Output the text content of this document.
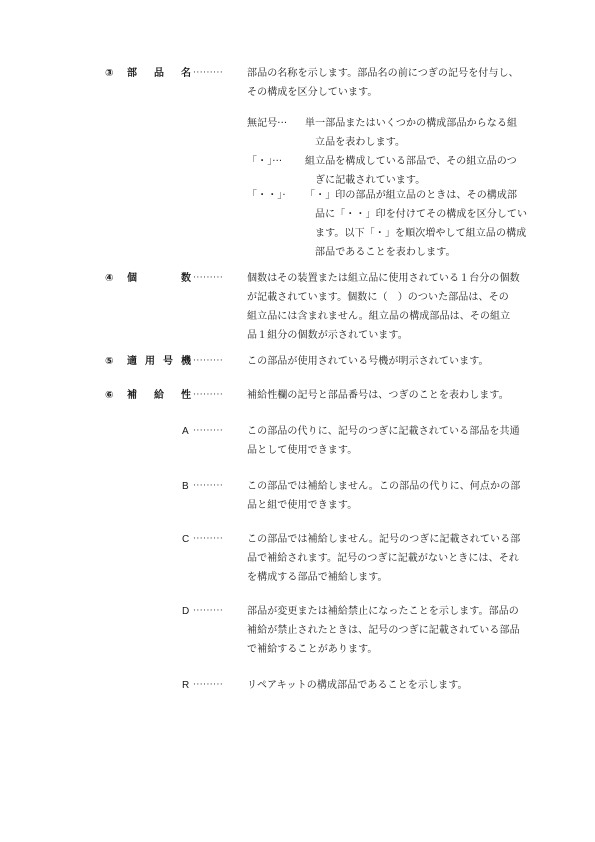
③ 部 品 名 ········· 部品の名称を示します。部品名の前につぎの記号を付与し、
その構成を区分しています。
無記号··· 単一部品またはいくつかの構成部品からなる組
立品を表わします。
「・」··· 組立品を構成している部品で、その組立品のつ
ぎに記載されています。
「・・」· 「・」印の部品が組立品のときは、その構成部
品に「・・」印を付けてその構成を区分してい
ます。以下「・」を順次増やして組立品の構成
部品であることを表わします。
④ 個	数 ········· 個数はその装置または組立品に使用されている１台分の個数
が記載されています。個数に（　）のついた部品は、その
組立品には含まれません。組立品の構成部品は、その組立
品１組分の個数が示されています。
⑤ 適 用 号 機 ········· この部品が使用されている号機が明示されています。
⑥ 補 給 性 ········· 補給性欄の記号と部品番号は、つぎのことを表わします。
A ········· この部品の代りに、記号のつぎに記載されている部品を共通
品として使用できます。
B ········· この部品では補給しません。この部品の代りに、何点かの部
品と組で使用できます。
C ········· この部品では補給しません。記号のつぎに記載されている部
品で補給されます。記号のつぎに記載がないときには、それ
を構成する部品で補給します。
D ········· 部品が変更または補給禁止になったことを示します。部品の
補給が禁止されたときは、記号のつぎに記載されている部品
で補給することがあります。
R ········· リペアキットの構成部品であることを示します。
